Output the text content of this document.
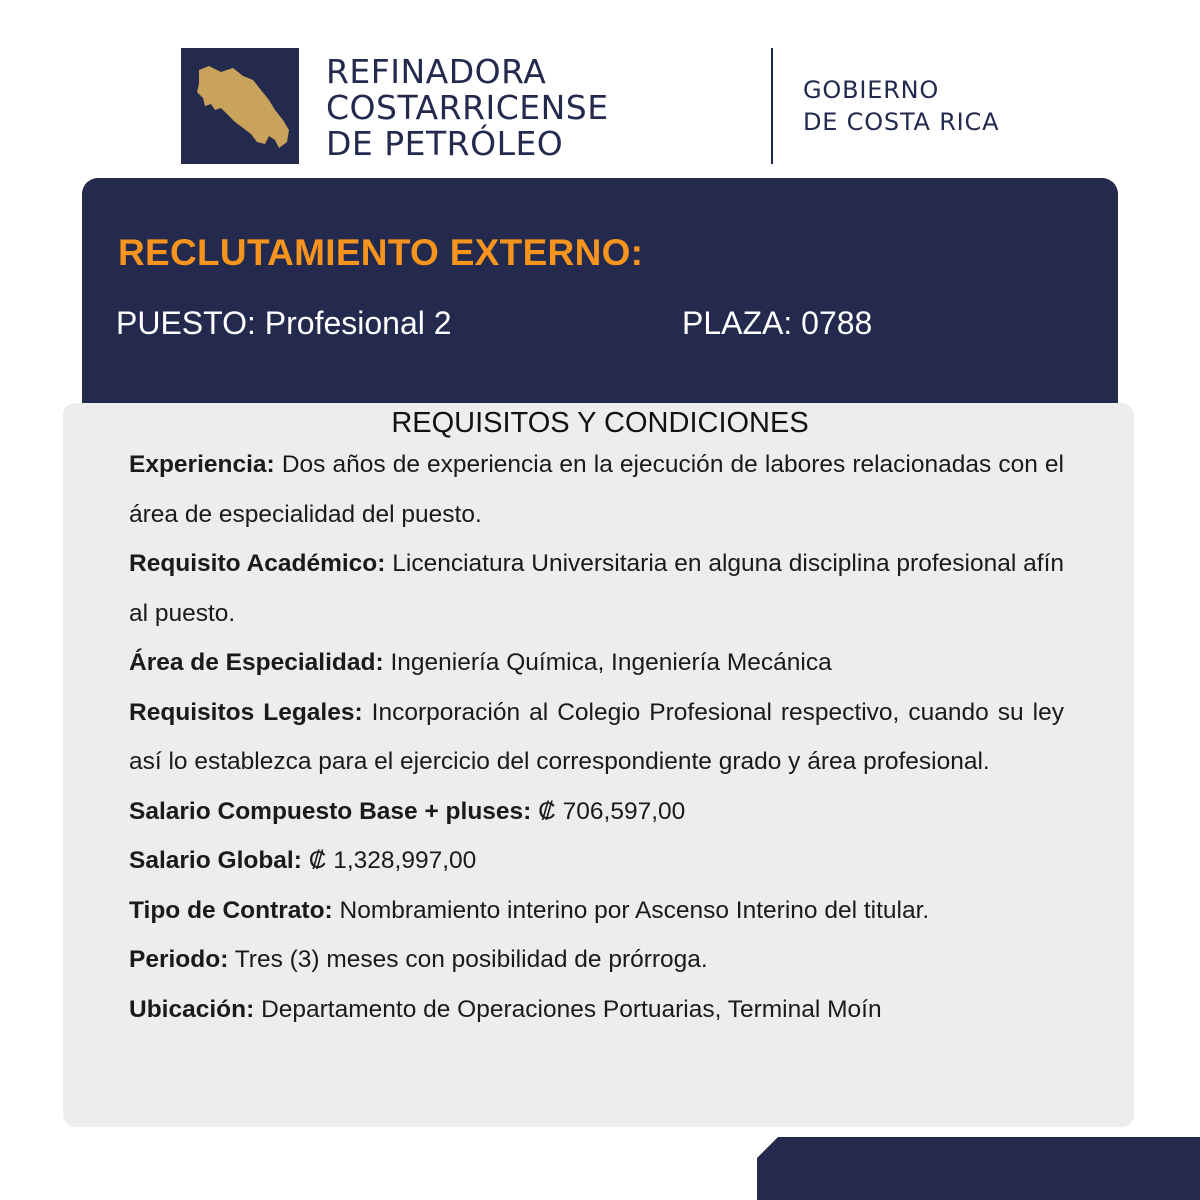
REFINADORA
COSTARRICENSE
DE PETRÓLEO
GOBIERNO
DE COSTA RICA
RECLUTAMIENTO EXTERNO:
PUESTO: Profesional 2	PLAZA: 0788
REQUISITOS Y CONDICIONES
Experiencia: Dos años de experiencia en la ejecución de labores relacionadas con el área de especialidad del puesto.
Requisito Académico: Licenciatura Universitaria en alguna disciplina profesional afín al puesto.
Área de Especialidad: Ingeniería Química, Ingeniería Mecánica
Requisitos Legales: Incorporación al Colegio Profesional respectivo, cuando su ley así lo establezca para el ejercicio del correspondiente grado y área profesional.
Salario Compuesto Base + pluses: ₡ 706,597,00
Salario Global: ₡ 1,328,997,00
Tipo de Contrato: Nombramiento interino por Ascenso Interino del titular.
Periodo: Tres (3) meses con posibilidad de prórroga.
Ubicación: Departamento de Operaciones Portuarias, Terminal Moín
